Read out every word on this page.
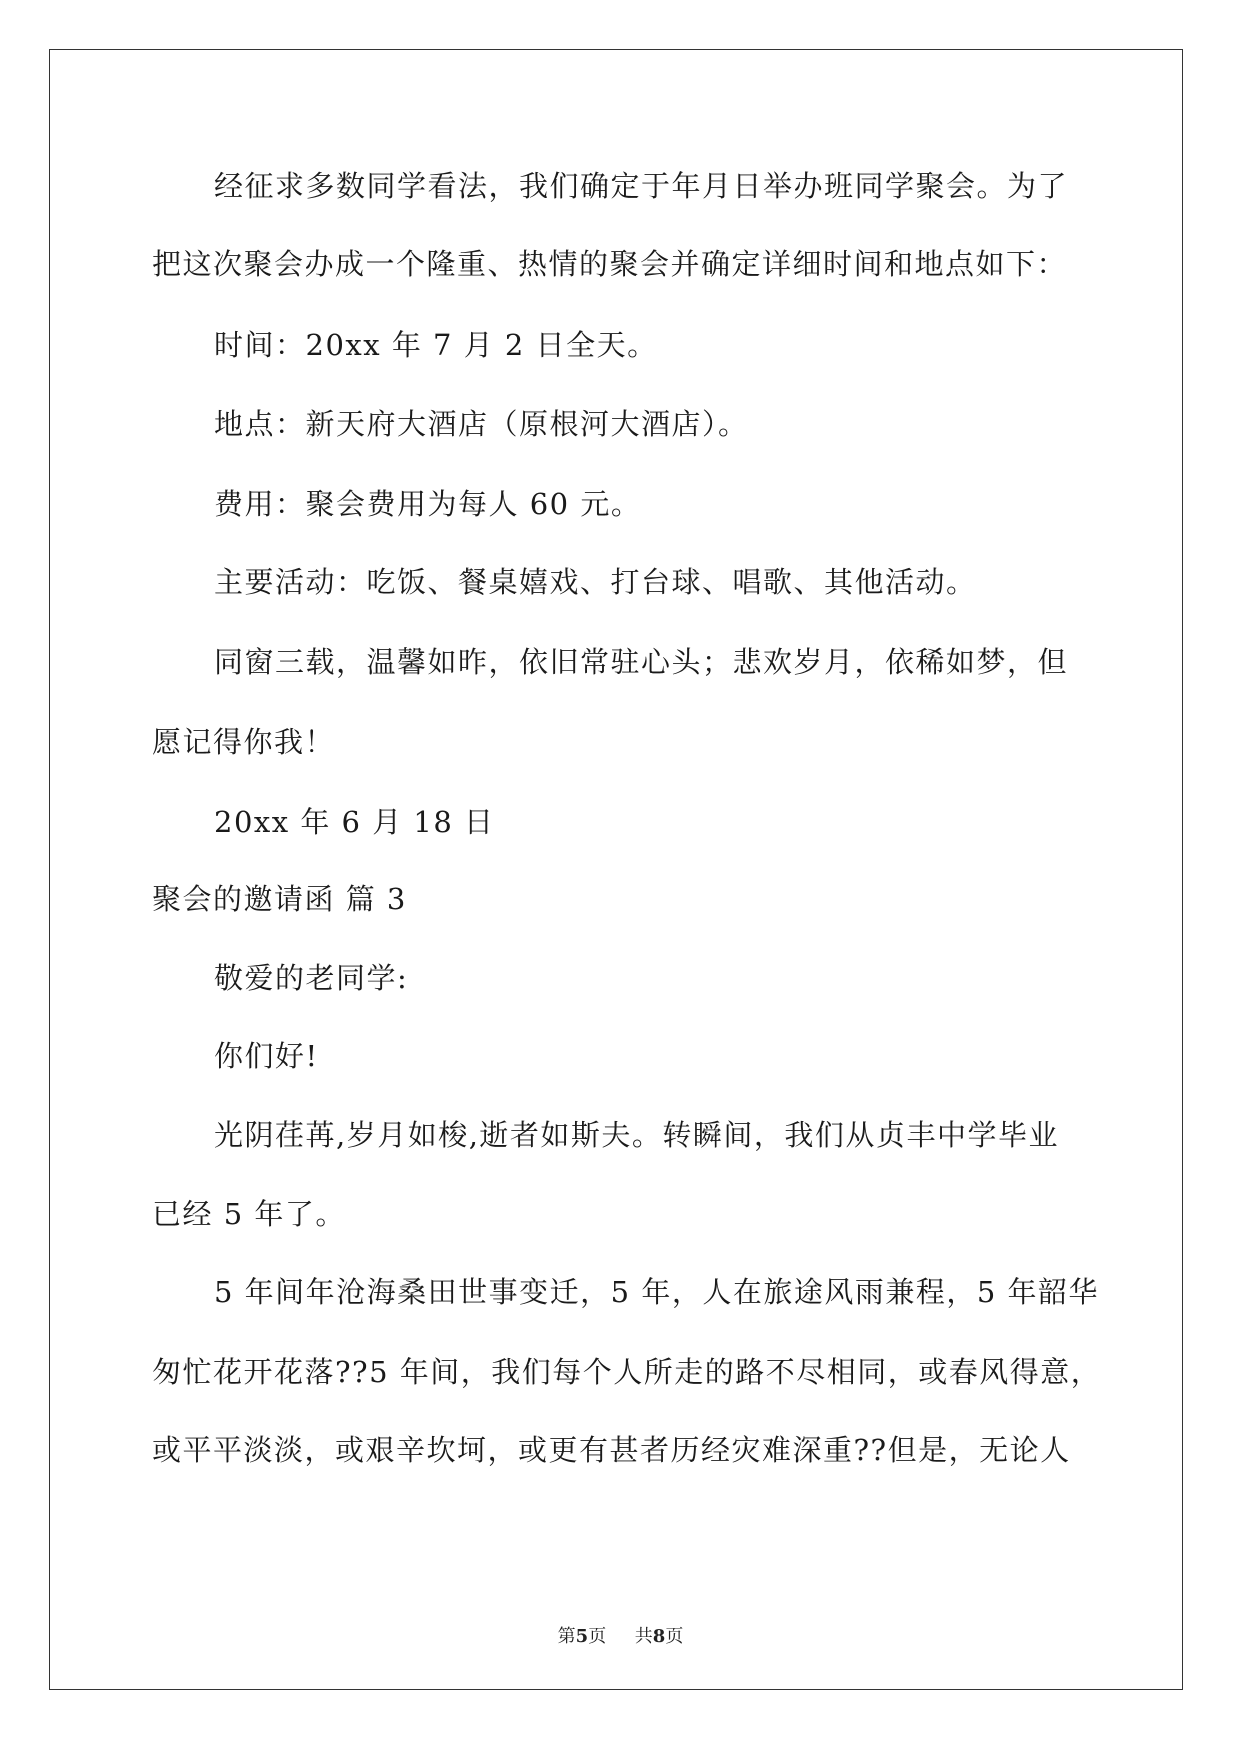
经征求多数同学看法，我们确定于年月日举办班同学聚会。为了
把这次聚会办成一个隆重、热情的聚会并确定详细时间和地点如下：
时间：20xx 年 7 月 2 日全天。
地点：新天府大酒店（原根河大酒店）。
费用：聚会费用为每人 60 元。
主要活动：吃饭、餐桌嬉戏、打台球、唱歌、其他活动。
同窗三载，温馨如昨，依旧常驻心头；悲欢岁月，依稀如梦，但
愿记得你我！
20xx 年 6 月 18 日
聚会的邀请函 篇 3
敬爱的老同学:
你们好!
光阴荏苒,岁月如梭,逝者如斯夫。转瞬间，我们从贞丰中学毕业
已经 5 年了。
5 年间年沧海桑田世事变迁，5 年，人在旅途风雨兼程，5 年韶华
匆忙花开花落??5 年间，我们每个人所走的路不尽相同，或春风得意，
或平平淡淡，或艰辛坎坷，或更有甚者历经灾难深重??但是，无论人
第5页 共8页
